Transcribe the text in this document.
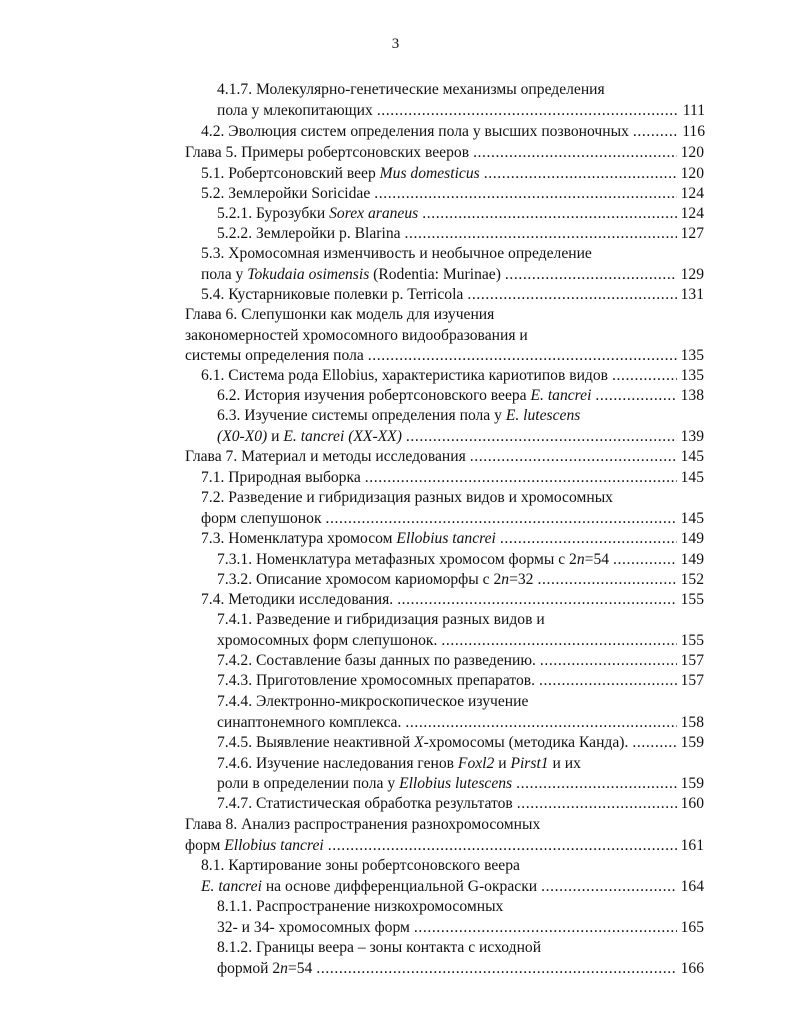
3
4.1.7. Молекулярно-генетические механизмы определения
пола у млекопитающих	111
.....
4.2. Эволюция систем определения пола у высших позвоночных	116
.....
Глава 5. Примеры робертсоновских вееров	120
.....
5.1. Робертсоновский веер Mus domesticus	120
.....
5.2. Землеройки Soricidae	124
.....
5.2.1. Бурозубки Sorex araneus	124
.....
5.2.2. Землеройки р. Blarina	127
.....
5.3. Хромосомная изменчивость и необычное определение
пола у Tokudaia osimensis (Rodentia: Murinae)	129
.....
5.4. Кустарниковые полевки р. Terricola	131
.....
Глава 6. Слепушонки как модель для изучения
закономерностей хромосомного видообразования и
системы определения пола	135
.....
6.1. Система рода Ellobius, характеристика кариотипов видов	135
.....
6.2. История изучения робертсоновского веера E. tancrei	138
.....
6.3. Изучение системы определения пола у E. lutescens
(X0-X0) и E. tancrei (XX-XX)	139
.....
Глава 7. Материал и методы исследования	145
.....
7.1. Природная выборка	145
.....
7.2. Разведение и гибридизация разных видов и хромосомных
форм слепушонок	145
.....
7.3. Номенклатура хромосом Ellobius tancrei	149
.....
7.3.1. Номенклатура метафазных хромосом формы с 2n=54	149
.....
7.3.2. Описание хромосом кариоморфы с 2n=32	152
.....
7.4. Методики исследования.	155
.....
7.4.1. Разведение и гибридизация разных видов и
хромосомных форм слепушонок.	155
.....
7.4.2. Составление базы данных по разведению.	157
.....
7.4.3. Приготовление хромосомных препаратов.	157
.....
7.4.4. Электронно-микроскопическое изучение
синаптонемного комплекса.	158
.....
7.4.5. Выявление неактивной X-хромосомы (методика Канда).	159
.....
7.4.6. Изучение наследования генов Foxl2 и Pirst1 и их
роли в определении пола у Ellobius lutescens	159
.....
7.4.7. Статистическая обработка результатов	160
.....
Глава 8. Анализ распространения разнохромосомных
форм Ellobius tancrei	161
.....
8.1. Картирование зоны робертсоновского веера
E. tancrei на основе дифференциальной G-окраски	164
.....
8.1.1. Распространение низкохромосомных
32- и 34- хромосомных форм	165
.....
8.1.2. Границы веера – зоны контакта с исходной
формой 2n=54	166
.....
